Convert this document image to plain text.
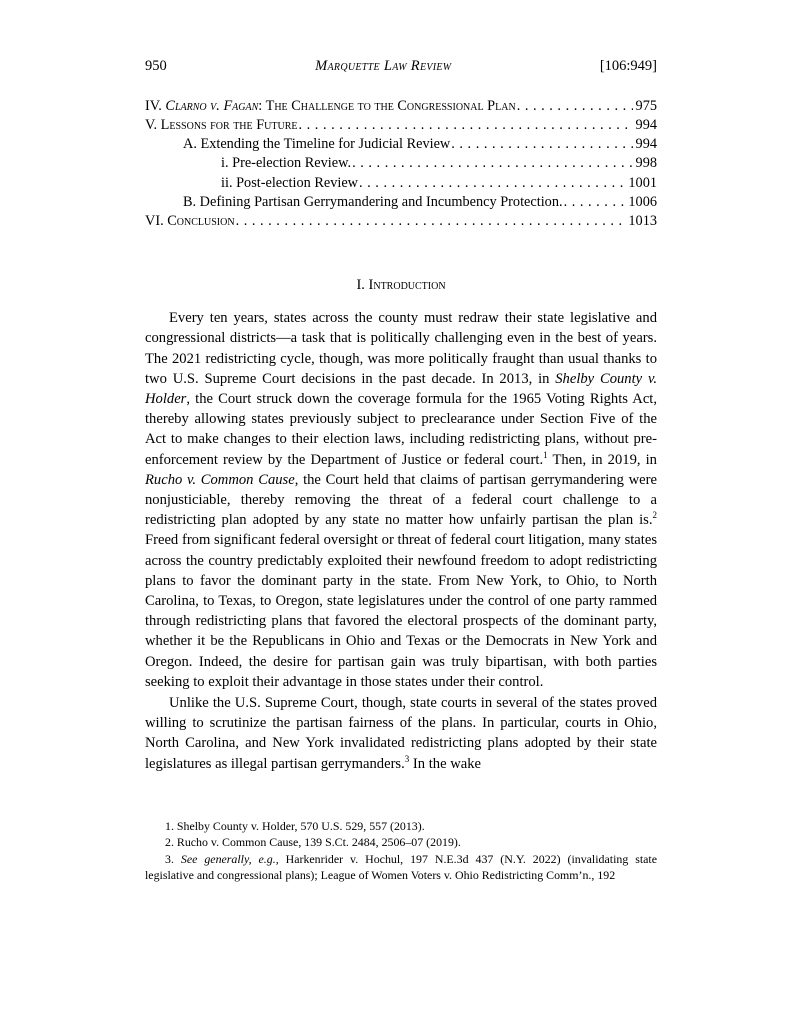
950	Marquette Law Review	[106:949]
IV. Clarno v. Fagan: The Challenge to the Congressional Plan . . .	975
V. Lessons for the Future . . .	994
A. Extending the Timeline for Judicial Review . . .	994
i. Pre-election Review. . . .	998
ii. Post-election Review . . .	1001
B. Defining Partisan Gerrymandering and Incumbency Protection. . . .	1006
VI. Conclusion . . .	1013
I. Introduction

Every ten years, states across the county must redraw their state legislative and congressional districts—a task that is politically challenging even in the best of years. The 2021 redistricting cycle, though, was more politically fraught than usual thanks to two U.S. Supreme Court decisions in the past decade. In 2013, in Shelby County v. Holder, the Court struck down the coverage formula for the 1965 Voting Rights Act, thereby allowing states previously subject to preclearance under Section Five of the Act to make changes to their election laws, including redistricting plans, without pre-enforcement review by the Department of Justice or federal court.$^1$ Then, in 2019, in Rucho v. Common Cause, the Court held that claims of partisan gerrymandering were nonjusticiable, thereby removing the threat of a federal court challenge to a redistricting plan adopted by any state no matter how unfairly partisan the plan is.$^2$ Freed from significant federal oversight or threat of federal court litigation, many states across the country predictably exploited their newfound freedom to adopt redistricting plans to favor the dominant party in the state. From New York, to Ohio, to North Carolina, to Texas, to Oregon, state legislatures under the control of one party rammed through redistricting plans that favored the electoral prospects of the dominant party, whether it be the Republicans in Ohio and Texas or the Democrats in New York and Oregon. Indeed, the desire for partisan gain was truly bipartisan, with both parties seeking to exploit their advantage in those states under their control.

Unlike the U.S. Supreme Court, though, state courts in several of the states proved willing to scrutinize the partisan fairness of the plans. In particular, courts in Ohio, North Carolina, and New York invalidated redistricting plans adopted by their state legislatures as illegal partisan gerrymanders.$^3$ In the wake

1. Shelby County v. Holder, 570 U.S. 529, 557 (2013).

2. Rucho v. Common Cause, 139 S.Ct. 2484, 2506–07 (2019).

3. See generally, e.g., Harkenrider v. Hochul, 197 N.E.3d 437 (N.Y. 2022) (invalidating state legislative and congressional plans); League of Women Voters v. Ohio Redistricting Comm’n., 192
